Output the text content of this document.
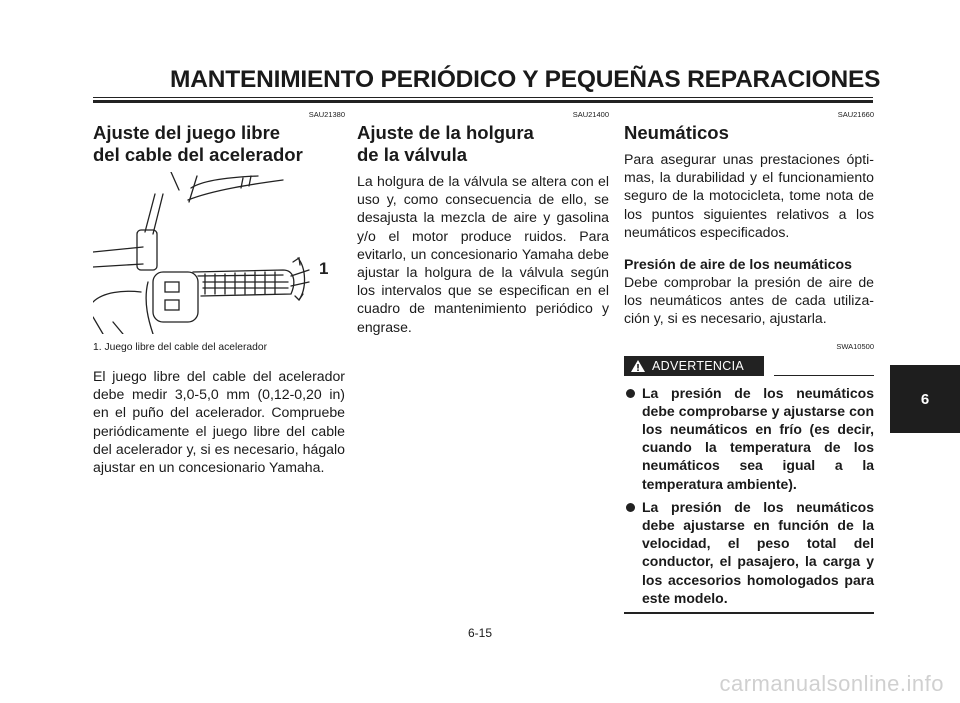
MANTENIMIENTO PERIÓDICO Y PEQUEÑAS REPARACIONES

SAU21380

Ajuste del juego libre
del cable del acelerador
1

1. Juego libre del cable del acelerador

El juego libre del cable del acelerador debe medir 3,0-5,0 mm (0,12-0,20 in) en el puño del acelerador. Compruebe periódicamente el juego libre del cable del acelerador y, si es necesario, hágalo ajustar en un concesionario Yamaha.

SAU21400

Ajuste de la holgura
de la válvula

La holgura de la válvula se altera con el uso y, como consecuencia de ello, se desajusta la mezcla de aire y gasolina y/o el motor produce ruidos. Para evitarlo, un concesionario Yamaha debe ajustar la holgura de la válvula según los intervalos que se especifican en el cuadro de mantenimiento periódico y engrase.

SAU21660

Neumáticos

Para asegurar unas prestaciones óptimas, la durabilidad y el funcionamiento seguro de la motocicleta, tome nota de los puntos siguientes relativos a los neumáticos especificados.

Presión de aire de los neumáticos

Debe comprobar la presión de aire de los neumáticos antes de cada utilización y, si es necesario, ajustarla.

SWA10500

ADVERTENCIA
La presión de los neumáticos debe comprobarse y ajustarse con los neumáticos en frío (es decir, cuando la temperatura de los neumáticos sea igual a la temperatura ambiente).
La presión de los neumáticos debe ajustarse en función de la velocidad, el peso total del conductor, el pasajero, la carga y los accesorios homologados para este modelo.
6
6-15
carmanualsonline.info
